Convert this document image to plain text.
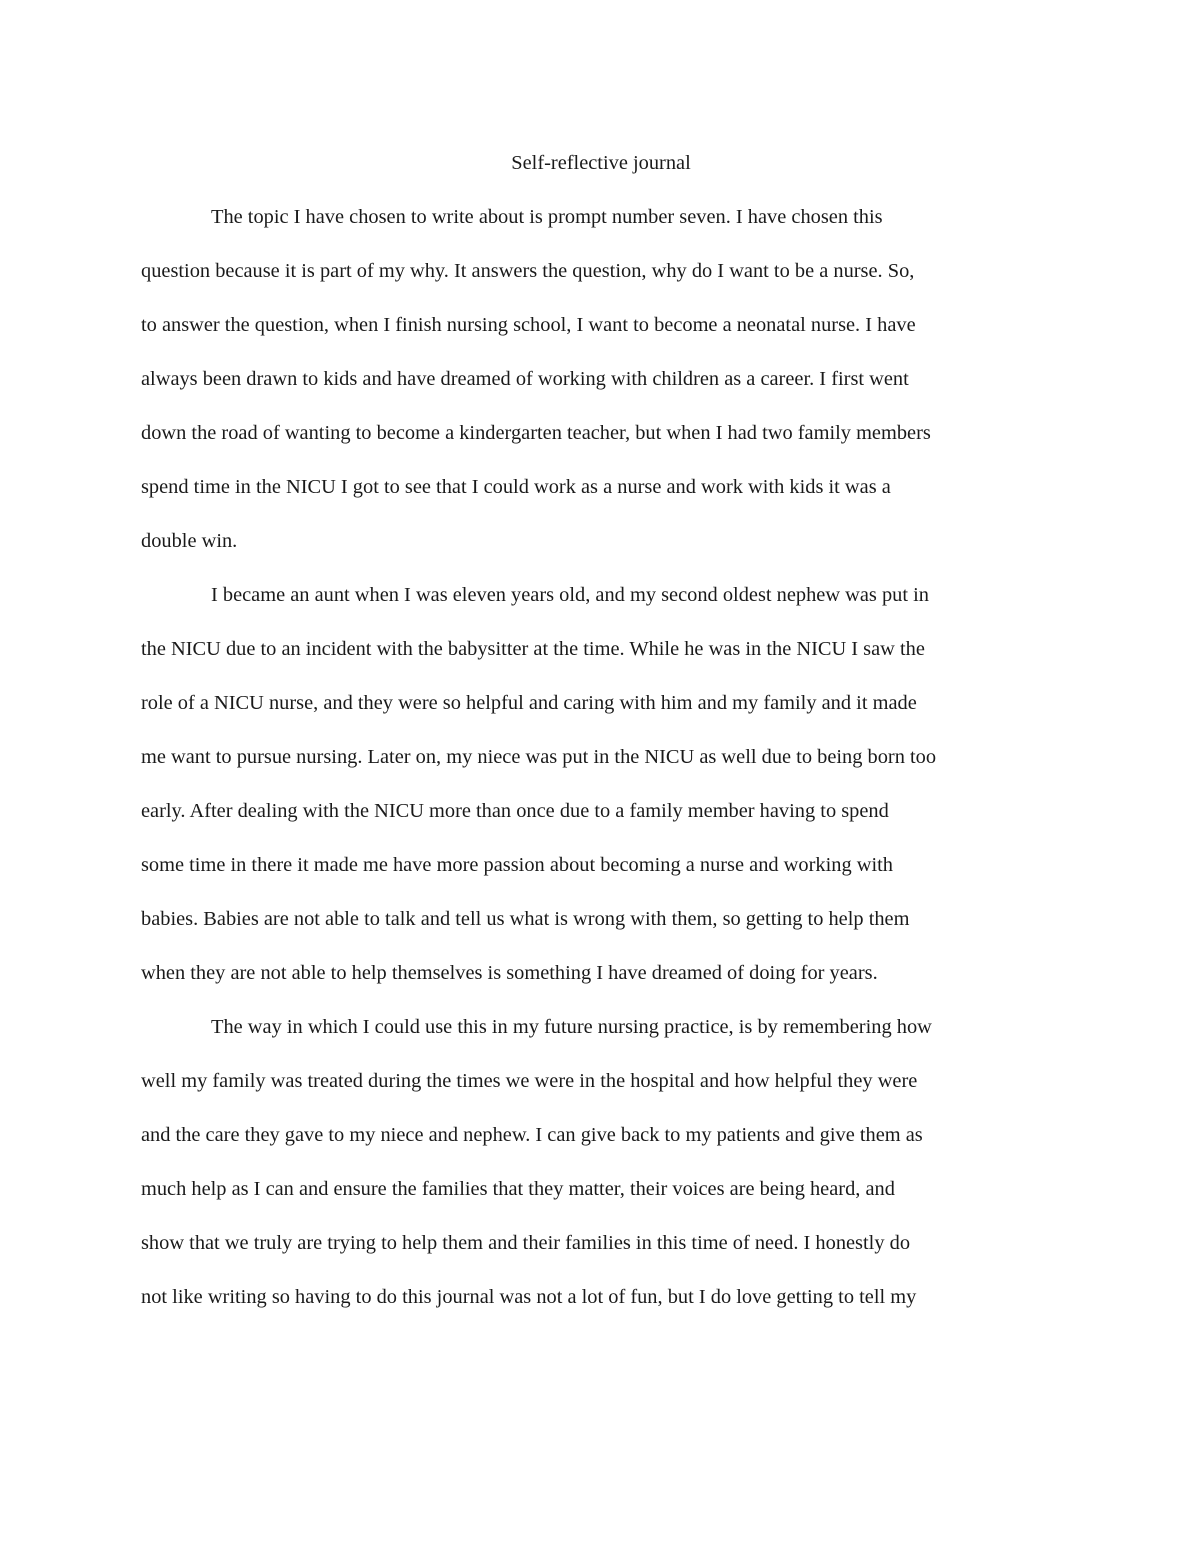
Self-reflective journal
The topic I have chosen to write about is prompt number seven. I have chosen this
question because it is part of my why. It answers the question, why do I want to be a nurse. So,
to answer the question, when I finish nursing school, I want to become a neonatal nurse. I have
always been drawn to kids and have dreamed of working with children as a career. I first went
down the road of wanting to become a kindergarten teacher, but when I had two family members
spend time in the NICU I got to see that I could work as a nurse and work with kids it was a
double win.
I became an aunt when I was eleven years old, and my second oldest nephew was put in
the NICU due to an incident with the babysitter at the time. While he was in the NICU I saw the
role of a NICU nurse, and they were so helpful and caring with him and my family and it made
me want to pursue nursing. Later on, my niece was put in the NICU as well due to being born too
early. After dealing with the NICU more than once due to a family member having to spend
some time in there it made me have more passion about becoming a nurse and working with
babies. Babies are not able to talk and tell us what is wrong with them, so getting to help them
when they are not able to help themselves is something I have dreamed of doing for years.
The way in which I could use this in my future nursing practice, is by remembering how
well my family was treated during the times we were in the hospital and how helpful they were
and the care they gave to my niece and nephew. I can give back to my patients and give them as
much help as I can and ensure the families that they matter, their voices are being heard, and
show that we truly are trying to help them and their families in this time of need. I honestly do
not like writing so having to do this journal was not a lot of fun, but I do love getting to tell my
